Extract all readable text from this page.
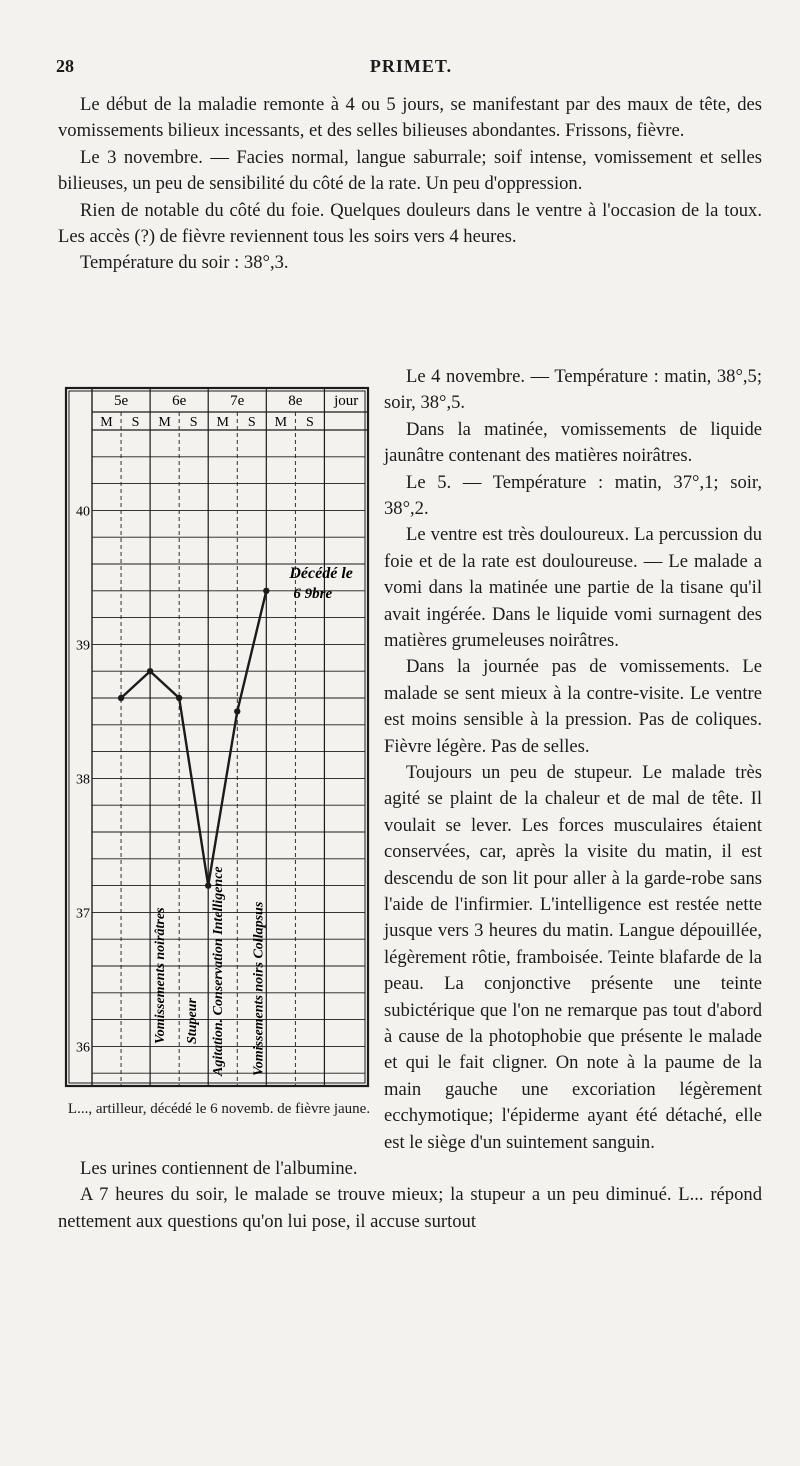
28	PRIMET.

Le début de la maladie remonte à 4 ou 5 jours, se manifestant par des maux de tête, des vomissements bilieux incessants, et des selles bilieuses abondantes. Frissons, fièvre.

Le 3 novembre. — Facies normal, langue saburrale; soif intense, vomissement et selles bilieuses, un peu de sensibilité du côté de la rate. Un peu d'oppression.

Rien de notable du côté du foie. Quelques douleurs dans le ventre à l'occasion de la toux. Les accès (?) de fièvre reviennent tous les soirs vers 4 heures.

Température du soir : 38°,3.

5e	6e	7e	8e jour
M S M S M S M S
40
39
38
37
36
Décédé le
6 9bre
Vomissements noirâtres Stupeur Agitation. Conservation Intelligence Vomissements noirs Collapsus
L..., artilleur, décédé le 6 novemb. de fièvre jaune.

Le 4 novembre. — Température : matin, 38°,5; soir, 38°,5.

Dans la matinée, vomissements de liquide jaunâtre contenant des matières noirâtres.

Le 5. — Température : matin, 37°,1; soir, 38°,2.

Le ventre est très douloureux. La percussion du foie et de la rate est douloureuse. — Le malade a vomi dans la matinée une partie de la tisane qu'il avait ingérée. Dans le liquide vomi surnagent des matières grumeleuses noirâtres.

Dans la journée pas de vomissements. Le malade se sent mieux à la contre-visite. Le ventre est moins sensible à la pression. Pas de coliques. Fièvre légère. Pas de selles.

Toujours un peu de stupeur. Le malade très agité se plaint de la chaleur et de mal de tête. Il voulait se lever. Les forces musculaires étaient conservées, car, après la visite du matin, il est descendu de son lit pour aller à la garde-robe sans l'aide de l'infirmier. L'intelligence est restée nette jusque vers 3 heures du matin. Langue dépouillée, légèrement rôtie, framboisée. Teinte blafarde de la peau. La conjonctive présente une teinte subictérique que l'on ne remarque pas tout d'abord à cause de la photophobie que présente le malade et qui le fait cligner. On note à la paume de la main gauche une excoriation légèrement ecchymotique; l'épiderme ayant été détaché, elle est le siège d'un suintement sanguin.

Les urines contiennent de l'albumine.

A 7 heures du soir, le malade se trouve mieux; la stupeur a un peu diminué. L... répond nettement aux questions qu'on lui pose, il accuse surtout
